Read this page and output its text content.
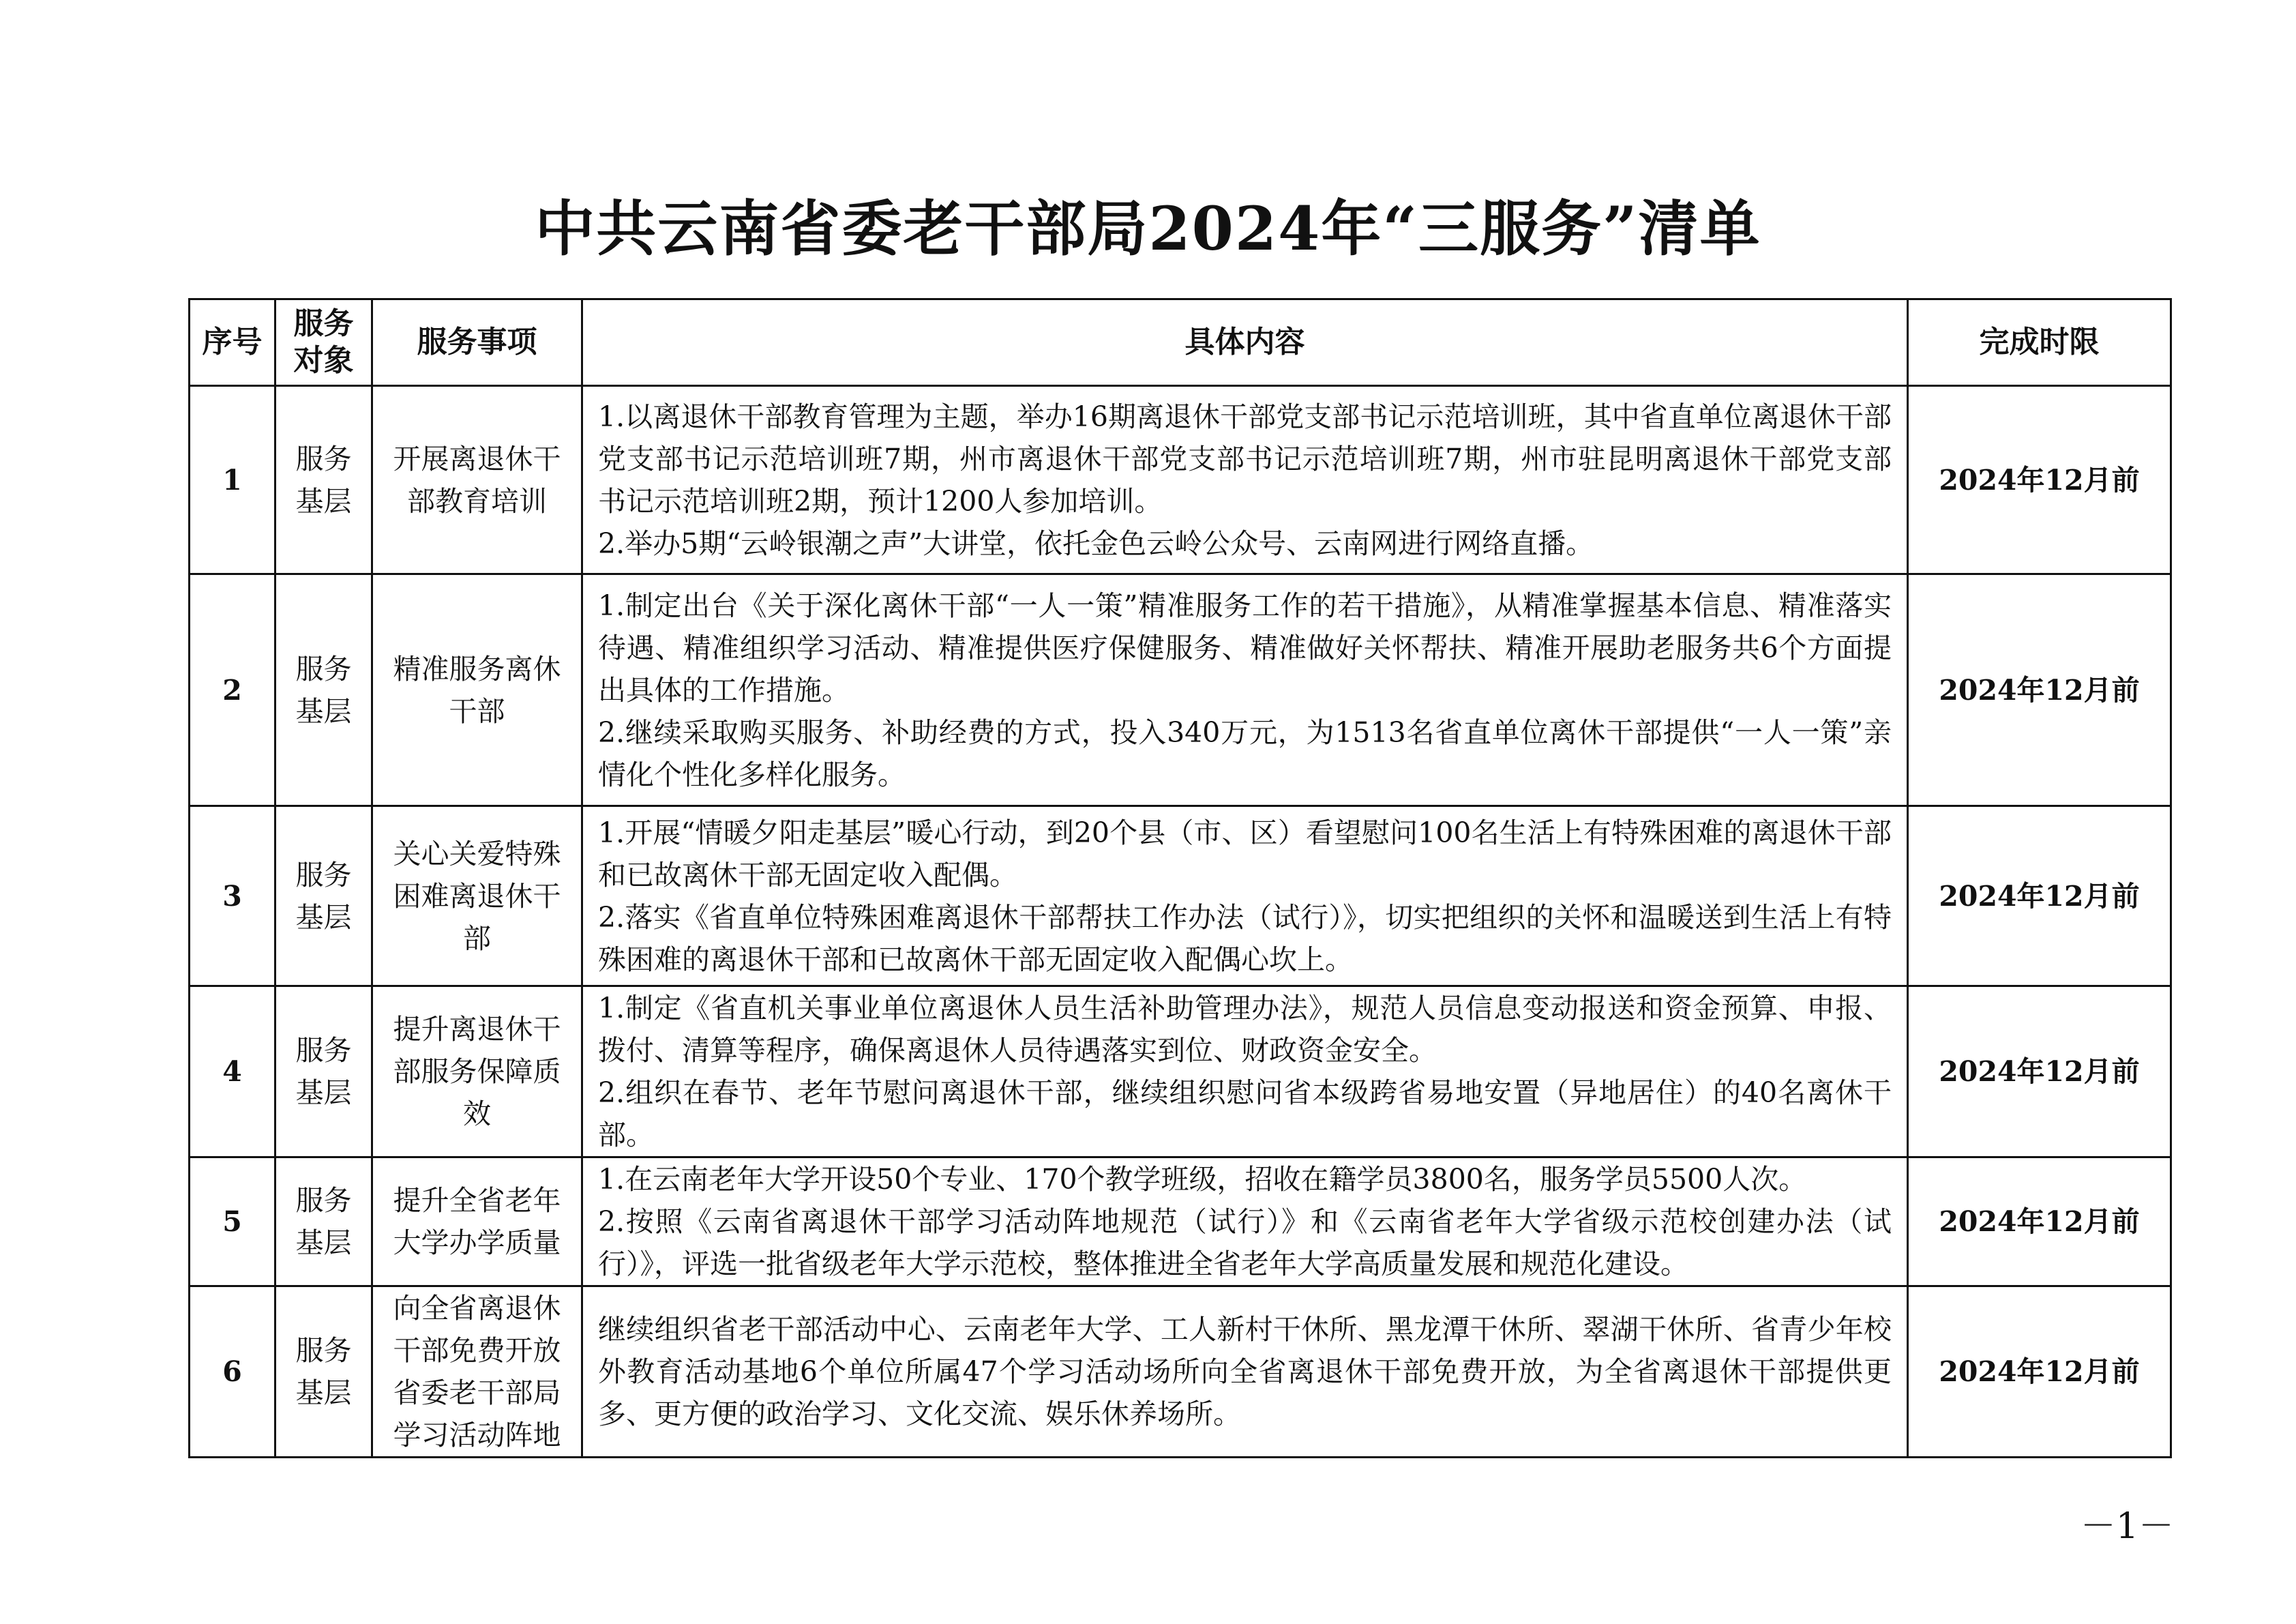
中共云南省委老干部局2024年“三服务”清单
序号	服务对象	服务事项	具体内容	完成时限
1	服务基层	开展离退休干部教育培训	1.以离退休干部教育管理为主题，举办16期离退休干部党支部书记示范培训班，其中省直单位离退休干部党支部书记示范培训班7期，州市离退休干部党支部书记示范培训班7期，州市驻昆明离退休干部党支部书记示范培训班2期，预计1200人参加培训。
2.举办5期“云岭银潮之声”大讲堂，依托金色云岭公众号、云南网进行网络直播。	2024年12月前
2	服务基层	精准服务离休干部	1.制定出台《关于深化离休干部“一人一策”精准服务工作的若干措施》，从精准掌握基本信息、精准落实待遇、精准组织学习活动、精准提供医疗保健服务、精准做好关怀帮扶、精准开展助老服务共6个方面提出具体的工作措施。
2.继续采取购买服务、补助经费的方式，投入340万元，为1513名省直单位离休干部提供“一人一策”亲情化个性化多样化服务。	2024年12月前
3	服务基层	关心关爱特殊困难离退休干部	1.开展“情暖夕阳走基层”暖心行动，到20个县（市、区）看望慰问100名生活上有特殊困难的离退休干部和已故离休干部无固定收入配偶。
2.落实《省直单位特殊困难离退休干部帮扶工作办法（试行）》，切实把组织的关怀和温暖送到生活上有特殊困难的离退休干部和已故离休干部无固定收入配偶心坎上。	2024年12月前
4	服务基层	提升离退休干部服务保障质效	1.制定《省直机关事业单位离退休人员生活补助管理办法》，规范人员信息变动报送和资金预算、申报、拨付、清算等程序，确保离退休人员待遇落实到位、财政资金安全。
2.组织在春节、老年节慰问离退休干部，继续组织慰问省本级跨省易地安置（异地居住）的40名离休干部。	2024年12月前
5	服务基层	提升全省老年大学办学质量	1.在云南老年大学开设50个专业、170个教学班级，招收在籍学员3800名，服务学员5500人次。
2.按照《云南省离退休干部学习活动阵地规范（试行）》和《云南省老年大学省级示范校创建办法（试行）》，评选一批省级老年大学示范校，整体推进全省老年大学高质量发展和规范化建设。	2024年12月前
6	服务基层	向全省离退休干部免费开放省委老干部局学习活动阵地	继续组织省老干部活动中心、云南老年大学、工人新村干休所、黑龙潭干休所、翠湖干休所、省青少年校外教育活动基地6个单位所属47个学习活动场所向全省离退休干部免费开放，为全省离退休干部提供更多、更方便的政治学习、文化交流、娱乐休养场所。	2024年12月前
－1－
